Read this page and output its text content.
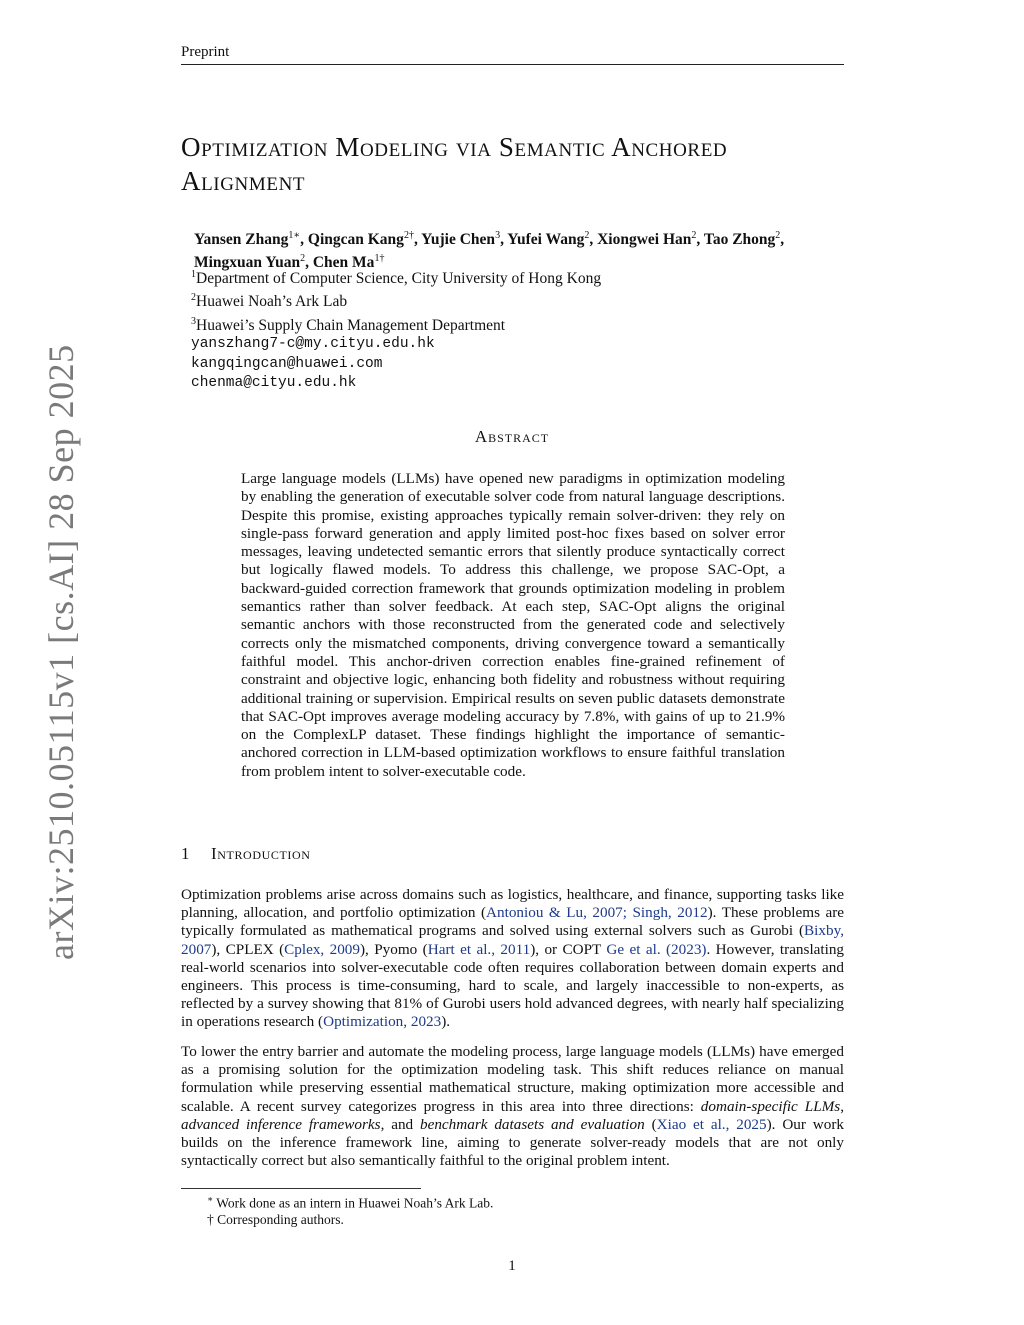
Preprint
arXiv:2510.05115v1 [cs.AI] 28 Sep 2025
Optimization Modeling via Semantic Anchored Alignment
Yansen Zhang$^{1∗}$, Qingcan Kang$^{2\dagger}$, Yujie Chen$^3$, Yufei Wang$^2$, Xiongwei Han$^2$, Tao Zhong$^2$,
Mingxuan Yuan$^2$, Chen $Ma^{1\dagger}$
$^1$Department of Computer Science, City University of Hong Kong
$^2$Huawei Noah’s Ark Lab
$^3$Huawei’s Supply Chain Management Department
yanszhang7-c@my.cityu.edu.hk
kangqingcan@huawei.com
chenma@cityu.edu.hk
Abstract
Large language models (LLMs) have opened new paradigms in optimization modeling by enabling the generation of executable solver code from natural language descriptions. Despite this promise, existing approaches typically remain solver-driven: they rely on single-pass forward generation and apply limited post-hoc fixes based on solver error messages, leaving undetected semantic errors that silently produce syntactically correct but logically flawed models. To address this challenge, we propose SAC-Opt, a backward-guided correction framework that grounds optimization modeling in problem semantics rather than solver feedback. At each step, SAC-Opt aligns the original semantic anchors with those reconstructed from the generated code and selectively corrects only the mismatched components, driving convergence toward a semantically faithful model. This anchor-driven correction enables fine-grained refinement of constraint and objective logic, enhancing both fidelity and robustness without requiring additional training or supervision. Empirical results on seven public datasets demonstrate that SAC-Opt improves average modeling accuracy by 7.8%, with gains of up to 21.9% on the ComplexLP dataset. These findings highlight the importance of semantic-anchored correction in LLM-based optimization workflows to ensure faithful translation from problem intent to solver-executable code.
1 Introduction

Optimization problems arise across domains such as logistics, healthcare, and finance, supporting tasks like planning, allocation, and portfolio optimization (Antoniou & Lu, 2007; Singh, 2012). These problems are typically formulated as mathematical programs and solved using external solvers such as Gurobi (Bixby, 2007), CPLEX (Cplex, 2009), Pyomo (Hart et al., 2011), or COPT Ge et al. (2023). However, translating real-world scenarios into solver-executable code often requires collaboration between domain experts and engineers. This process is time-consuming, hard to scale, and largely inaccessible to non-experts, as reflected by a survey showing that 81% of Gurobi users hold advanced degrees, with nearly half specializing in operations research (Optimization, 2023).

To lower the entry barrier and automate the modeling process, large language models (LLMs) have emerged as a promising solution for the optimization modeling task. This shift reduces reliance on manual formulation while preserving essential mathematical structure, making optimization more accessible and scalable. A recent survey categorizes progress in this area into three directions: domain-specific LLMs, advanced inference frameworks, and benchmark datasets and evaluation (Xiao et al., 2025). Our work builds on the inference framework line, aiming to generate solver-ready models that are not only syntactically correct but also semantically faithful to the original problem intent.

∗ Work done as an intern in Huawei Noah’s Ark Lab.
† Corresponding authors.
1
